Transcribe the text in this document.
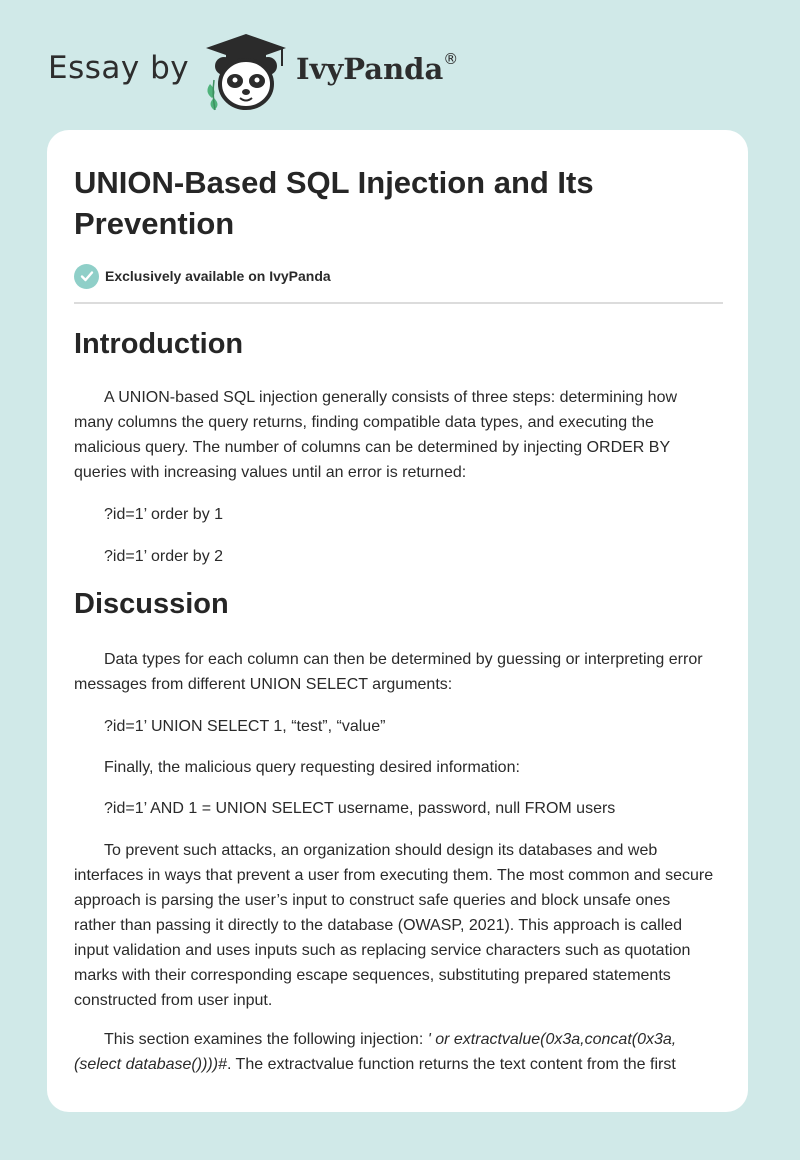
Essay by	IvyPanda®
UNION-Based SQL Injection and Its Prevention
Exclusively available on IvyPanda
Introduction

A UNION-based SQL injection generally consists of three steps: determining how many columns the query returns, finding compatible data types, and executing the malicious query. The number of columns can be determined by injecting ORDER BY queries with increasing values until an error is returned:

?id=1’ order by 1

?id=1’ order by 2

Discussion

Data types for each column can then be determined by guessing or interpreting error messages from different UNION SELECT arguments:

?id=1’ UNION SELECT 1, “test”, “value”

Finally, the malicious query requesting desired information:

?id=1’ AND 1 = UNION SELECT username, password, null FROM users

To prevent such attacks, an organization should design its databases and web interfaces in ways that prevent a user from executing them. The most common and secure approach is parsing the user’s input to construct safe queries and block unsafe ones rather than passing it directly to the database (OWASP, 2021). This approach is called input validation and uses inputs such as replacing service characters such as quotation marks with their corresponding escape sequences, substituting prepared statements constructed from user input.

This section examines the following injection: ' or extractvalue(0x3a,concat(0x3a,(select database())))#. The extractvalue function returns the text content from the first
